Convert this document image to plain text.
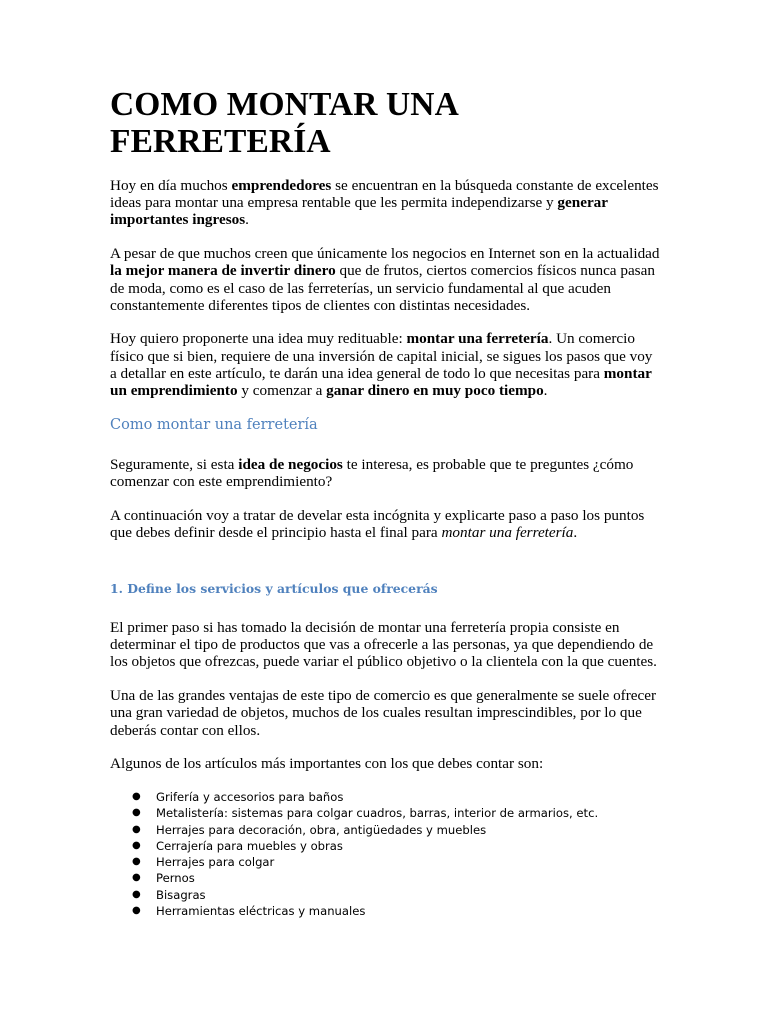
COMO MONTAR UNA
FERRETERÍA

Hoy en día muchos emprendedores se encuentran en la búsqueda constante de excelentes ideas para montar una empresa rentable que les permita independizarse y generar importantes ingresos.

A pesar de que muchos creen que únicamente los negocios en Internet son en la actualidad la mejor manera de invertir dinero que de frutos, ciertos comercios físicos nunca pasan de moda, como es el caso de las ferreterías, un servicio fundamental al que acuden constantemente diferentes tipos de clientes con distintas necesidades.

Hoy quiero proponerte una idea muy redituable: montar una ferretería. Un comercio físico que si bien, requiere de una inversión de capital inicial, se sigues los pasos que voy a detallar en este artículo, te darán una idea general de todo lo que necesitas para montar un emprendimiento y comenzar a ganar dinero en muy poco tiempo.

Como montar una ferretería

Seguramente, si esta idea de negocios te interesa, es probable que te preguntes ¿cómo comenzar con este emprendimiento?

A continuación voy a tratar de develar esta incógnita y explicarte paso a paso los puntos que debes definir desde el principio hasta el final para montar una ferretería.

1. Define los servicios y artículos que ofrecerás

El primer paso si has tomado la decisión de montar una ferretería propia consiste en determinar el tipo de productos que vas a ofrecerle a las personas, ya que dependiendo de los objetos que ofrezcas, puede variar el público objetivo o la clientela con la que cuentes.

Una de las grandes ventajas de este tipo de comercio es que generalmente se suele ofrecer una gran variedad de objetos, muchos de los cuales resultan imprescindibles, por lo que deberás contar con ellos.

Algunos de los artículos más importantes con los que debes contar son:

● Grifería y accesorios para baños
● Metalistería: sistemas para colgar cuadros, barras, interior de armarios, etc.
● Herrajes para decoración, obra, antigüedades y muebles
● Cerrajería para muebles y obras
● Herrajes para colgar
● Pernos
● Bisagras
● Herramientas eléctricas y manuales
